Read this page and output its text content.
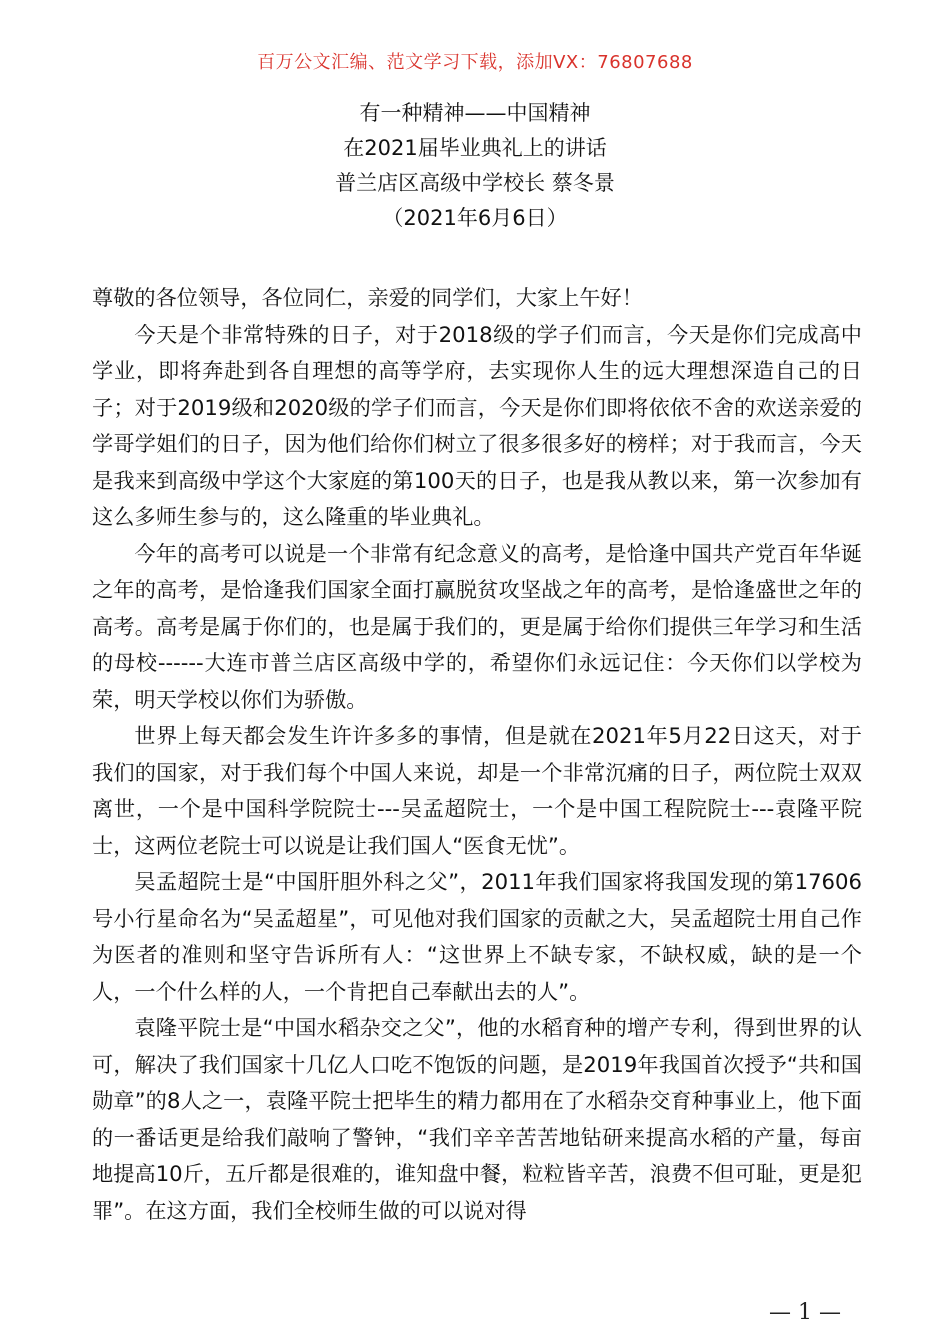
百万公文汇编、范文学习下载，添加VX：76807688
有一种精神——中国精神
在2021届毕业典礼上的讲话
普兰店区高级中学校长 蔡冬景
（2021年6月6日）

尊敬的各位领导，各位同仁，亲爱的同学们，大家上午好！

今天是个非常特殊的日子，对于2018级的学子们而言，今天是你们完成高中学业，即将奔赴到各自理想的高等学府，去实现你人生的远大理想深造自己的日子；对于2019级和2020级的学子们而言，今天是你们即将依依不舍的欢送亲爱的学哥学姐们的日子，因为他们给你们树立了很多很多好的榜样；对于我而言，今天是我来到高级中学这个大家庭的第100天的日子，也是我从教以来，第一次参加有这么多师生参与的，这么隆重的毕业典礼。

今年的高考可以说是一个非常有纪念意义的高考，是恰逢中国共产党百年华诞之年的高考，是恰逢我们国家全面打赢脱贫攻坚战之年的高考，是恰逢盛世之年的高考。高考是属于你们的，也是属于我们的，更是属于给你们提供三年学习和生活的母校------大连市普兰店区高级中学的，希望你们永远记住：今天你们以学校为荣，明天学校以你们为骄傲。

世界上每天都会发生许许多多的事情，但是就在2021年5月22日这天，对于我们的国家，对于我们每个中国人来说，却是一个非常沉痛的日子，两位院士双双离世，一个是中国科学院院士---吴孟超院士，一个是中国工程院院士---袁隆平院士，这两位老院士可以说是让我们国人“医食无忧”。

吴孟超院士是“中国肝胆外科之父”，2011年我们国家将我国发现的第17606号小行星命名为“吴孟超星”，可见他对我们国家的贡献之大，吴孟超院士用自己作为医者的准则和坚守告诉所有人：“这世界上不缺专家，不缺权威，缺的是一个人，一个什么样的人，一个肯把自己奉献出去的人”。

袁隆平院士是“中国水稻杂交之父”，他的水稻育种的增产专利，得到世界的认可，解决了我们国家十几亿人口吃不饱饭的问题，是2019年我国首次授予“共和国勋章”的8人之一，袁隆平院士把毕生的精力都用在了水稻杂交育种事业上，他下面的一番话更是给我们敲响了警钟，“我们辛辛苦苦地钻研来提高水稻的产量，每亩地提高10斤，五斤都是很难的，谁知盘中餐，粒粒皆辛苦，浪费不但可耻，更是犯罪”。在这方面，我们全校师生做的可以说对得

— 1 —
